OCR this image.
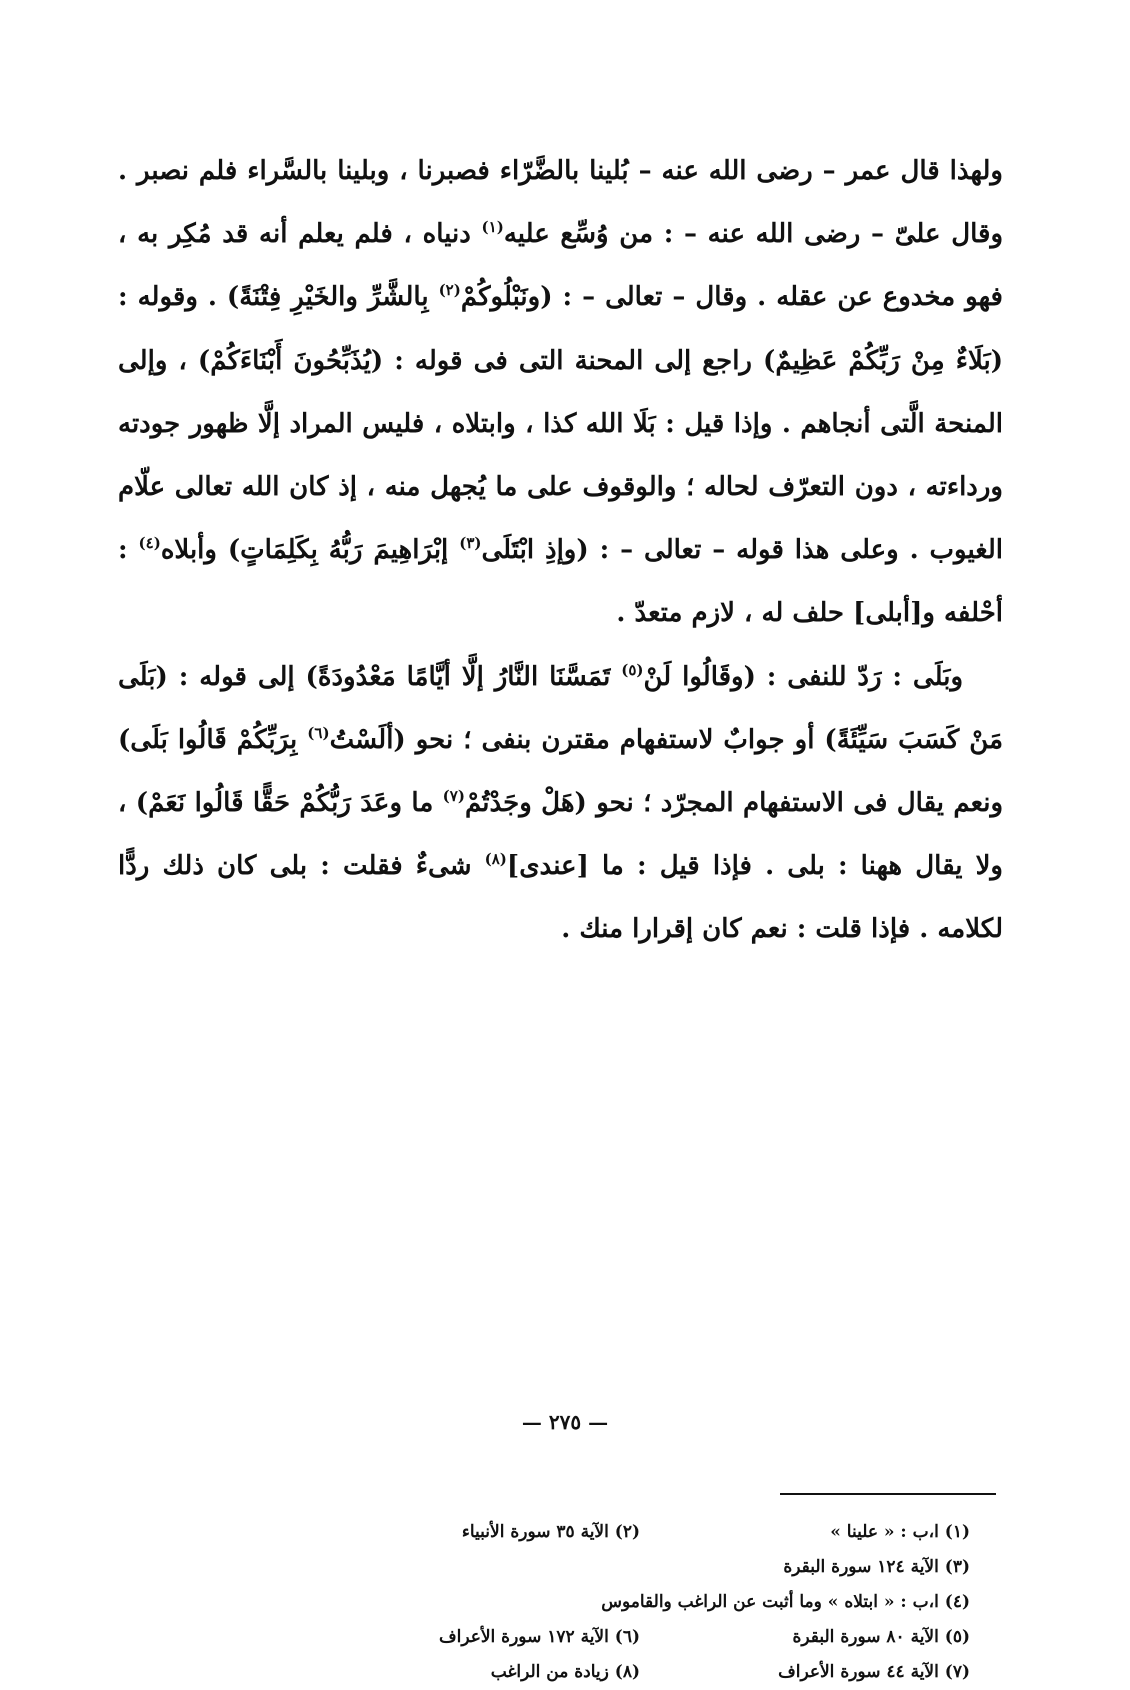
ولهذا قال عمر – رضى الله عنه – بُلينا بالضَّرّاء فصبرنا ، وبلينا بالسَّراء فلم نصبر . وقال علىّ – رضى الله عنه – : من وُسِّع عليه$^{(١)}$ دنياه ، فلم يعلم أنه قد مُكِر به ، فهو مخدوع عن عقله . وقال – تعالى – : (ونَبْلُوكُمْ$^{(٢)}$ بِالشَّرِّ والخَيْرِ فِتْنَةً) . وقوله : (بَلَاءٌ مِنْ رَبِّكُمْ عَظِيمٌ) راجع إلى المحنة التى فى قوله : (يُذَبِّحُونَ أَبْنَاءَكُمْ) ، وإلى المنحة الَّتى أنجاهم . وإذا قيل : بَلَا الله كذا ، وابتلاه ، فليس المراد إلَّا ظهور جودته ورداءته ، دون التعرّف لحاله ؛ والوقوف على ما يُجهل منه ، إذ كان الله تعالى علّام الغيوب . وعلى هذا قوله – تعالى – : (وإذِ ابْتَلَى$^{(٣)}$ إبْرَاهِيمَ رَبُّهُ بِكَلِمَاتٍ) وأبلاه$^{(٤)}$ : أحْلفه و[أبلى] حلف له ، لازم متعدّ .

وبَلَى : رَدّ للنفى : (وقَالُوا لَنْ$^{(٥)}$ تَمَسَّنَا النَّارُ إلَّا أيَّامًا مَعْدُودَةً) إلى قوله : (بَلَى مَنْ كَسَبَ سَيِّئَةً) أو جوابٌ لاستفهام مقترن بنفى ؛ نحو (ألَسْتُ$^{(٦)}$ بِرَبِّكُمْ قَالُوا بَلَى) ونعم يقال فى الاستفهام المجرّد ؛ نحو (هَلْ وجَدْتُمْ$^{(٧)}$ ما وعَدَ رَبُّكُمْ حَقًّا قَالُوا نَعَمْ) ، ولا يقال ههنا : بلى . فإذا قيل : ما [عندى]$^{(٨)}$ شىءٌ فقلت : بلى كان ذلك ردًّا لكلامه . فإذا قلت : نعم كان إقرارا منك .

(١) ا،ب : « علينا »
(٢) الآية ٣٥ سورة الأنبياء
(٣) الآية ١٢٤ سورة البقرة
(٤) ا،ب : « ابتلاه » وما أثبت عن الراغب والقاموس
(٥) الآية ٨٠ سورة البقرة
(٦) الآية ١٧٢ سورة الأعراف
(٧) الآية ٤٤ سورة الأعراف
(٨) زيادة من الراغب
— ٢٧٥ —
